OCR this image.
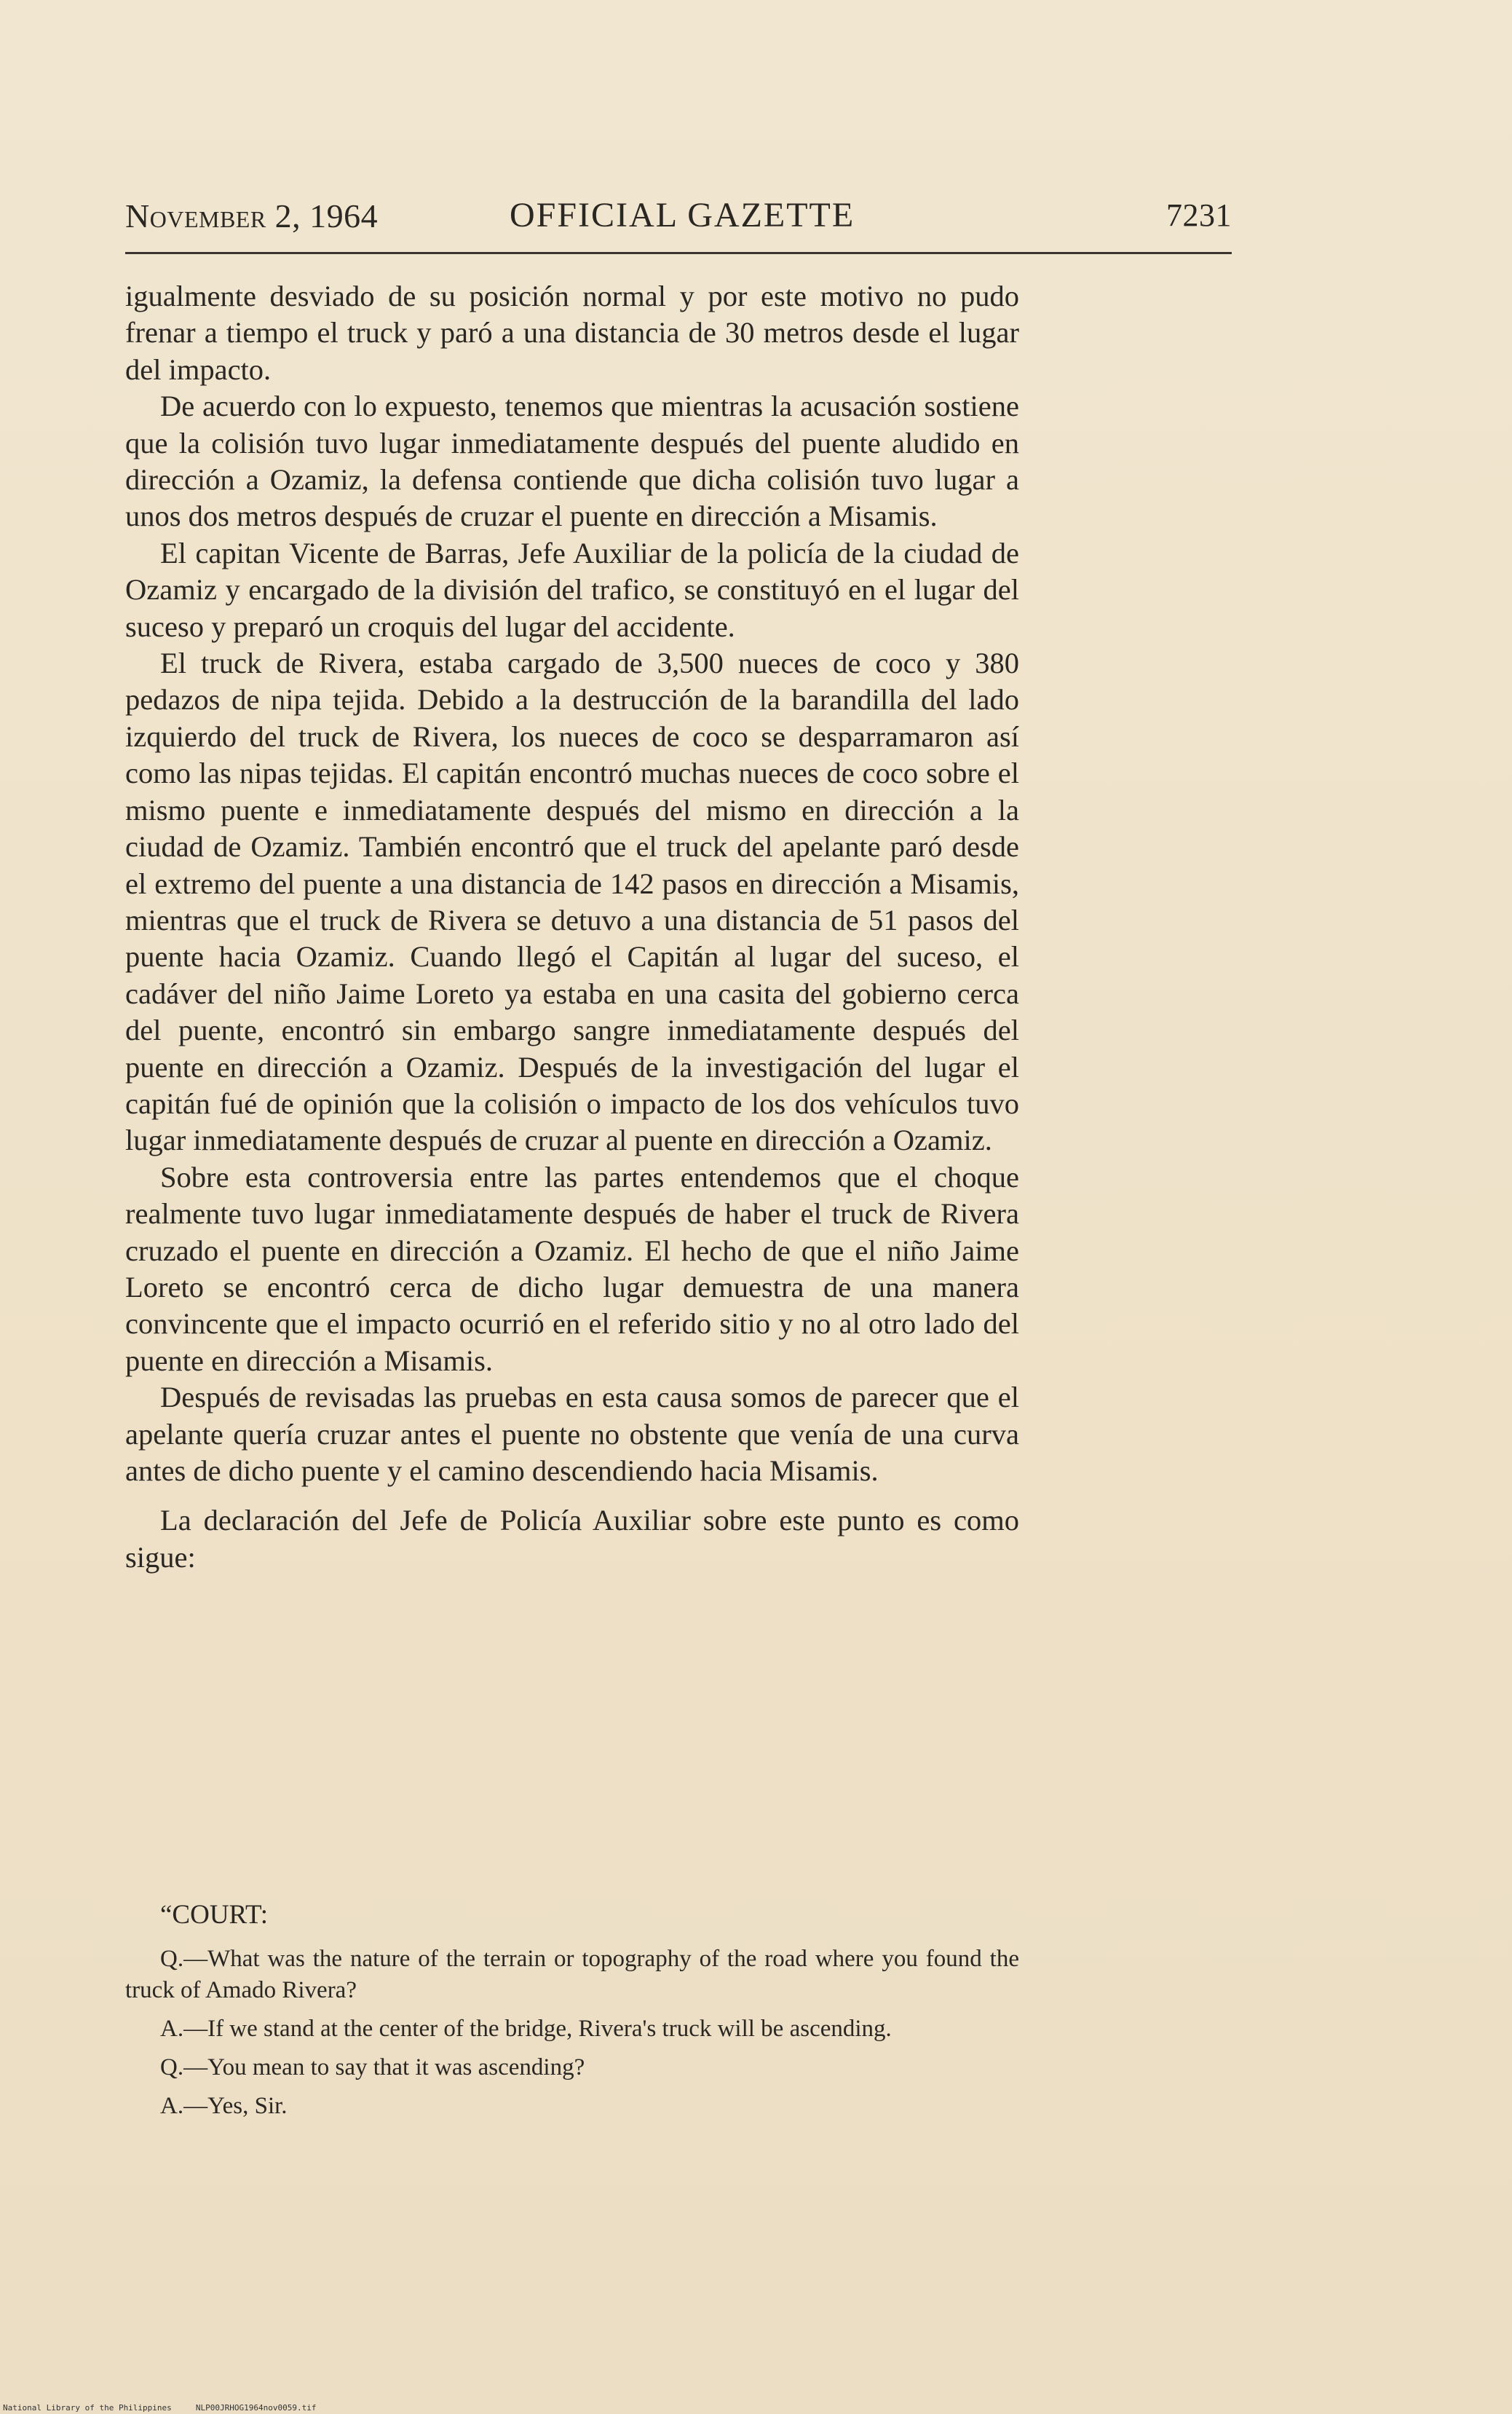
November 2, 1964	OFFICIAL GAZETTE	7231

igualmente desviado de su posición normal y por este motivo no pudo frenar a tiempo el truck y paró a una distancia de 30 metros desde el lugar del impacto.

De acuerdo con lo expuesto, tenemos que mientras la acusación sostiene que la colisión tuvo lugar inmediatamente después del puente aludido en dirección a Ozamiz, la defensa contiende que dicha colisión tuvo lugar a unos dos metros después de cruzar el puente en dirección a Misamis.

El capitan Vicente de Barras, Jefe Auxiliar de la policía de la ciudad de Ozamiz y encargado de la división del trafico, se constituyó en el lugar del suceso y preparó un croquis del lugar del accidente.

El truck de Rivera, estaba cargado de 3,500 nueces de coco y 380 pedazos de nipa tejida. Debido a la destrucción de la barandilla del lado izquierdo del truck de Rivera, los nueces de coco se desparramaron así como las nipas tejidas. El capitán encontró muchas nueces de coco sobre el mismo puente e inmediatamente después del mismo en dirección a la ciudad de Ozamiz. También encontró que el truck del apelante paró desde el extremo del puente a una distancia de 142 pasos en dirección a Misamis, mientras que el truck de Rivera se detuvo a una distancia de 51 pasos del puente hacia Ozamiz. Cuando llegó el Capitán al lugar del suceso, el cadáver del niño Jaime Loreto ya estaba en una casita del gobierno cerca del puente, encontró sin embargo sangre inmediatamente después del puente en dirección a Ozamiz. Después de la investigación del lugar el capitán fué de opinión que la colisión o impacto de los dos vehículos tuvo lugar inmediatamente después de cruzar al puente en dirección a Ozamiz.

Sobre esta controversia entre las partes entendemos que el choque realmente tuvo lugar inmediatamente después de haber el truck de Rivera cruzado el puente en dirección a Ozamiz. El hecho de que el niño Jaime Loreto se encontró cerca de dicho lugar demuestra de una manera convincente que el impacto ocurrió en el referido sitio y no al otro lado del puente en dirección a Misamis.

Después de revisadas las pruebas en esta causa somos de parecer que el apelante quería cruzar antes el puente no obstente que venía de una curva antes de dicho puente y el camino descendiendo hacia Misamis.

La declaración del Jefe de Policía Auxiliar sobre este punto es como sigue:

“COURT:

Q.—What was the nature of the terrain or topography of the road where you found the truck of Amado Rivera?

A.—If we stand at the center of the bridge, Rivera's truck will be ascending.

Q.—You mean to say that it was ascending?

A.—Yes, Sir.

National Library of the Philippines	NLP00JRHOG1964nov0059.tif
